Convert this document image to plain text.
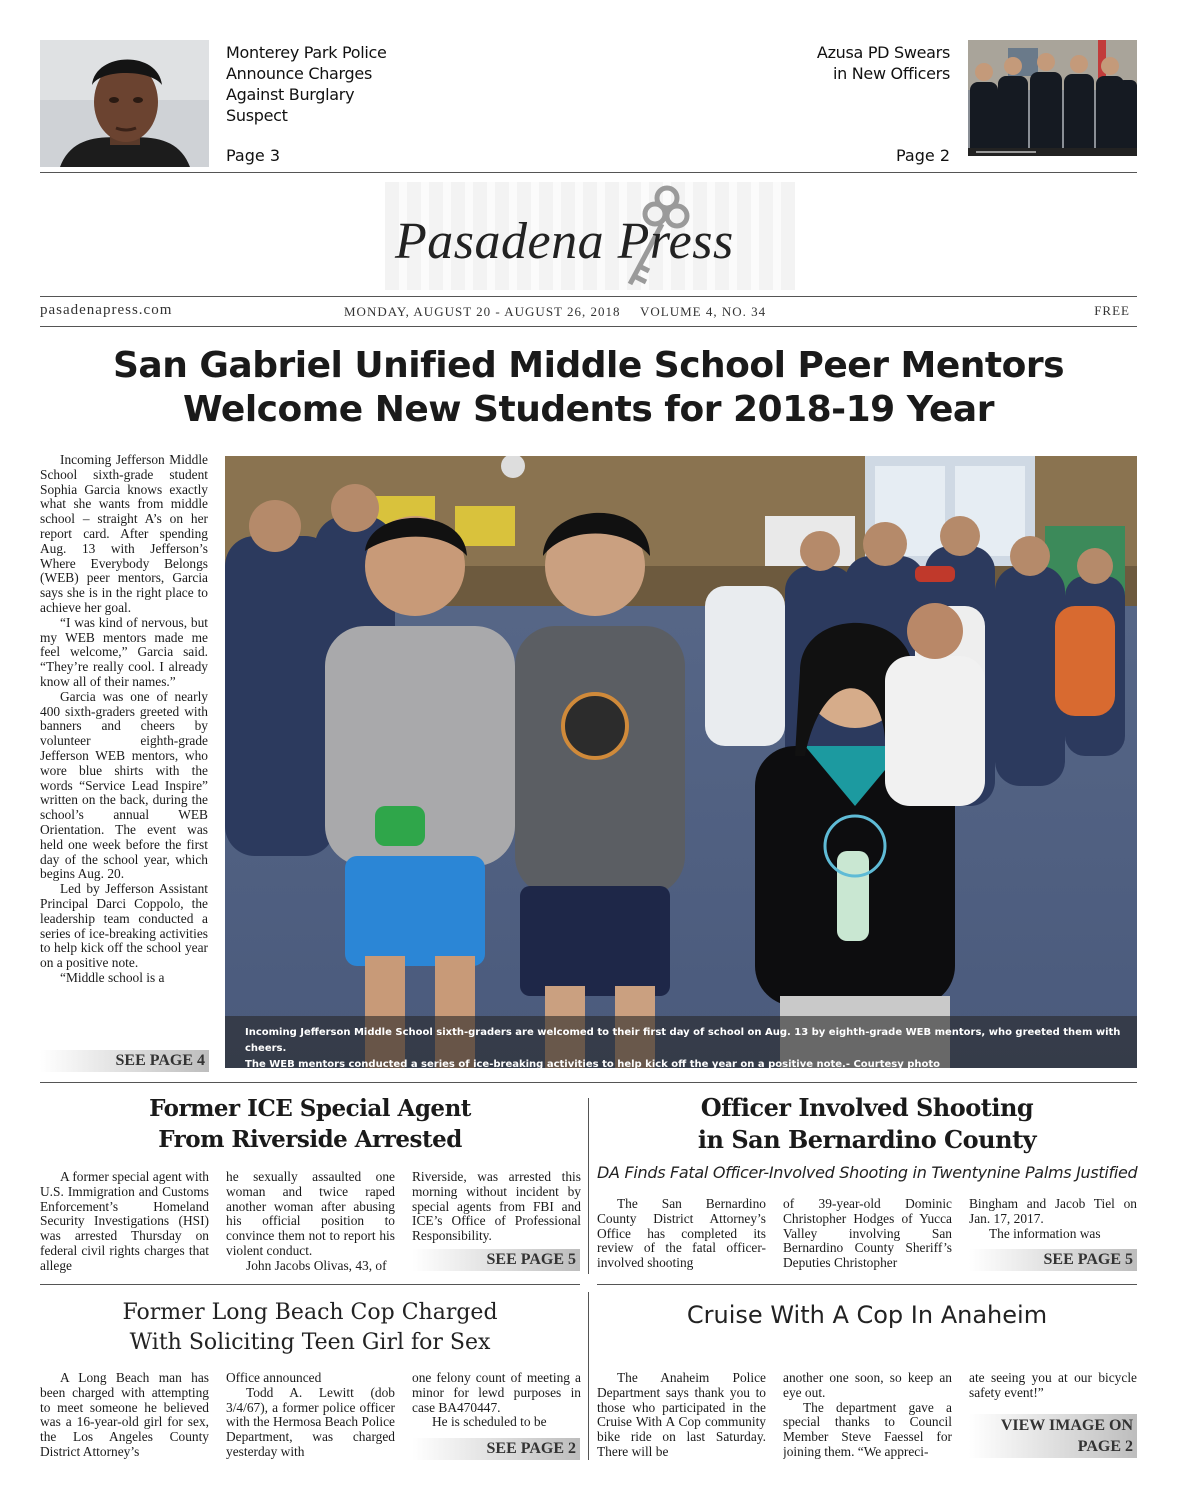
Monterey Park Police
Announce Charges
Against Burglary
Suspect
Page 3
Azusa PD Swears
in New Officers
Page 2
Pasadena Press
pasadenapress.com	MONDAY, AUGUST 20 - AUGUST 26, 2018 VOLUME 4, NO. 34	FREE
San Gabriel Unified Middle School Peer Mentors
Welcome New Students for 2018-19 Year

Incoming Jefferson Middle School sixth-grade student Sophia Garcia knows exactly what she wants from middle school – straight A’s on her report card. After spending Aug. 13 with Jefferson’s Where Everybody Belongs (WEB) peer mentors, Garcia says she is in the right place to achieve her goal.

“I was kind of nervous, but my WEB mentors made me feel welcome,” Garcia said. “They’re really cool. I already know all of their names.”

Garcia was one of nearly 400 sixth-graders greeted with banners and cheers by volunteer eighth-grade Jefferson WEB mentors, who wore blue shirts with the words “Service Lead Inspire” written on the back, during the school’s annual WEB Orientation. The event was held one week before the first day of the school year, which begins Aug. 20.

Led by Jefferson Assistant Principal Darci Coppolo, the leadership team conducted a series of ice-breaking activities to help kick off the school year on a positive note.

“Middle school is a

SEE PAGE 4
Incoming Jefferson Middle School sixth-graders are welcomed to their first day of school on Aug. 13 by eighth-grade WEB mentors, who greeted them with cheers.
The WEB mentors conducted a series of ice-breaking activities to help kick off the year on a positive note.- Courtesy photo
Former ICE Special Agent
From Riverside Arrested

A former special agent with U.S. Immigration and Customs Enforcement’s Homeland Security Investigations (HSI) was arrested Thursday on federal civil rights charges that allege

he sexually assaulted one woman and twice raped another woman after abusing his official position to convince them not to report his violent conduct.

John Jacobs Olivas, 43, of

Riverside, was arrested this morning without incident by special agents from FBI and ICE’s Office of Professional Responsibility.

SEE PAGE 5
Officer Involved Shooting
in San Bernardino County
DA Finds Fatal Officer-Involved Shooting in Twentynine Palms Justified

The San Bernardino County District Attorney’s Office has completed its review of the fatal officer-involved shooting

of 39-year-old Dominic Christopher Hodges of Yucca Valley involving San Bernardino County Sheriff’s Deputies Christopher

Bingham and Jacob Tiel on Jan. 17, 2017.

The information was

SEE PAGE 5
Former Long Beach Cop Charged
With Soliciting Teen Girl for Sex

A Long Beach man has been charged with attempting to meet someone he believed was a 16-year-old girl for sex, the Los Angeles County District Attorney’s

Office announced

Todd A. Lewitt (dob 3/4/67), a former police officer with the Hermosa Beach Police Department, was charged yesterday with

one felony count of meeting a minor for lewd purposes in case BA470447.

He is scheduled to be

SEE PAGE 2
Cruise With A Cop In Anaheim

The Anaheim Police Department says thank you to those who participated in the Cruise With A Cop community bike ride on last Saturday. There will be

another one soon, so keep an eye out.

The department gave a special thanks to Council Member Steve Faessel for joining them. “We appreci-

ate seeing you at our bicycle safety event!”

VIEW IMAGE ON
PAGE 2
